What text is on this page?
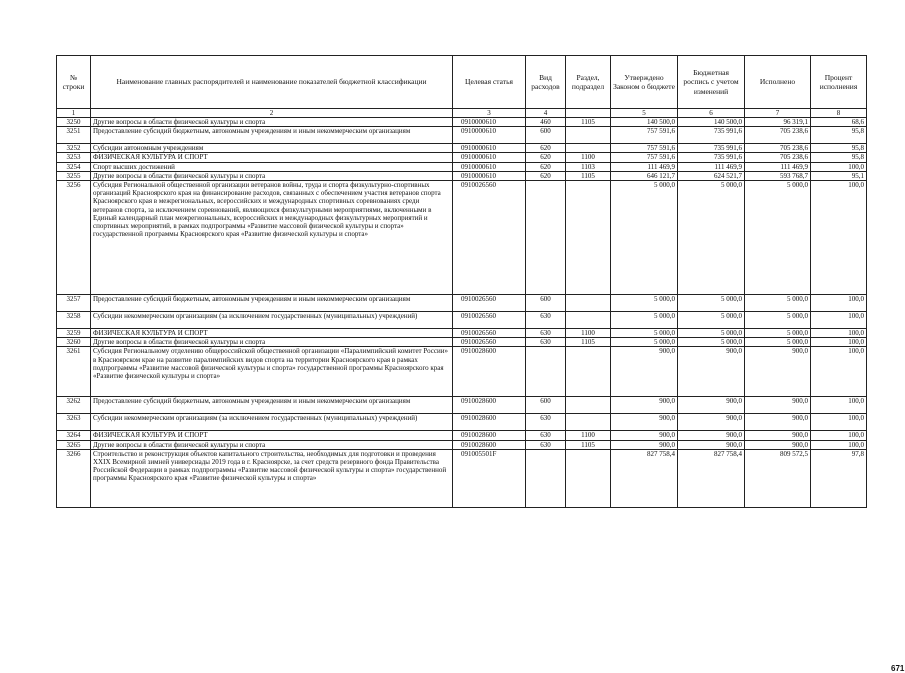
№ строки	Наименование главных распорядителей и наименование показателей бюджетной классификации	Целевая статья	Вид расходов	Раздел, подраздел	Утверждено Законом о бюджете	Бюджетная роспись с учетом изменений	Исполнено	Процент исполнения
1	2	3	4		5	6	7	8
3250	Другие вопросы в области физической культуры и спорта	0910000610	460	1105	140 500,0	140 500,0	96 319,1	68,6
3251	Предоставление субсидий бюджетным, автономным учреждениям и иным некоммерческим организациям	0910000610	600		757 591,6	735 991,6	705 238,6	95,8
3252	Субсидии автономным учреждениям	0910000610	620		757 591,6	735 991,6	705 238,6	95,8
3253	ФИЗИЧЕСКАЯ КУЛЬТУРА И СПОРТ	0910000610	620	1100	757 591,6	735 991,6	705 238,6	95,8
3254	Спорт высших достижений	0910000610	620	1103	111 469,9	111 469,9	111 469,9	100,0
3255	Другие вопросы в области физической культуры и спорта	0910000610	620	1105	646 121,7	624 521,7	593 768,7	95,1
3256	Субсидия Региональной общественной организации ветеранов войны, труда и спорта физкультурно-спортивных организаций Красноярского края на финансирование расходов, связанных с обеспечением участия ветеранов спорта Красноярского края в межрегиональных, всероссийских и международных спортивных соревнованиях среди ветеранов спорта, за исключением соревнований, являющихся физкультурными мероприятиями, включенными в Единый календарный план межрегиональных, всероссийских и международных физкультурных мероприятий и спортивных мероприятий, в рамках подпрограммы «Развитие массовой физической культуры и спорта» государственной программы Красноярского края «Развитие физической культуры и спорта»	0910026560			5 000,0	5 000,0	5 000,0	100,0
3257	Предоставление субсидий бюджетным, автономным учреждениям и иным некоммерческим организациям	0910026560	600		5 000,0	5 000,0	5 000,0	100,0
3258	Субсидии некоммерческим организациям (за исключением государственных (муниципальных) учреждений)	0910026560	630		5 000,0	5 000,0	5 000,0	100,0
3259	ФИЗИЧЕСКАЯ КУЛЬТУРА И СПОРТ	0910026560	630	1100	5 000,0	5 000,0	5 000,0	100,0
3260	Другие вопросы в области физической культуры и спорта	0910026560	630	1105	5 000,0	5 000,0	5 000,0	100,0
3261	Субсидия Региональному отделению общероссийской общественной организации «Паралимпийский комитет России» в Красноярском крае на развитие паралимпийских видов спорта на территории Красноярского края в рамках подпрограммы «Развитие массовой физической культуры и спорта» государственной программы Красноярского края «Развитие физической культуры и спорта»	0910028600			900,0	900,0	900,0	100,0
3262	Предоставление субсидий бюджетным, автономным учреждениям и иным некоммерческим организациям	0910028600	600		900,0	900,0	900,0	100,0
3263	Субсидии некоммерческим организациям (за исключением государственных (муниципальных) учреждений)	0910028600	630		900,0	900,0	900,0	100,0
3264	ФИЗИЧЕСКАЯ КУЛЬТУРА И СПОРТ	0910028600	630	1100	900,0	900,0	900,0	100,0
3265	Другие вопросы в области физической культуры и спорта	0910028600	630	1105	900,0	900,0	900,0	100,0
3266	Строительство и реконструкция объектов капитального строительства, необходимых для подготовки и проведения XXIX Всемирной зимней универсиады 2019 года в г. Красноярске, за счет средств резервного фонда Правительства Российской Федерации в рамках подпрограммы «Развитие массовой физической культуры и спорта» государственной программы Красноярского края «Развитие физической культуры и спорта»	091005501F			827 758,4	827 758,4	809 572,5	97,8
671
